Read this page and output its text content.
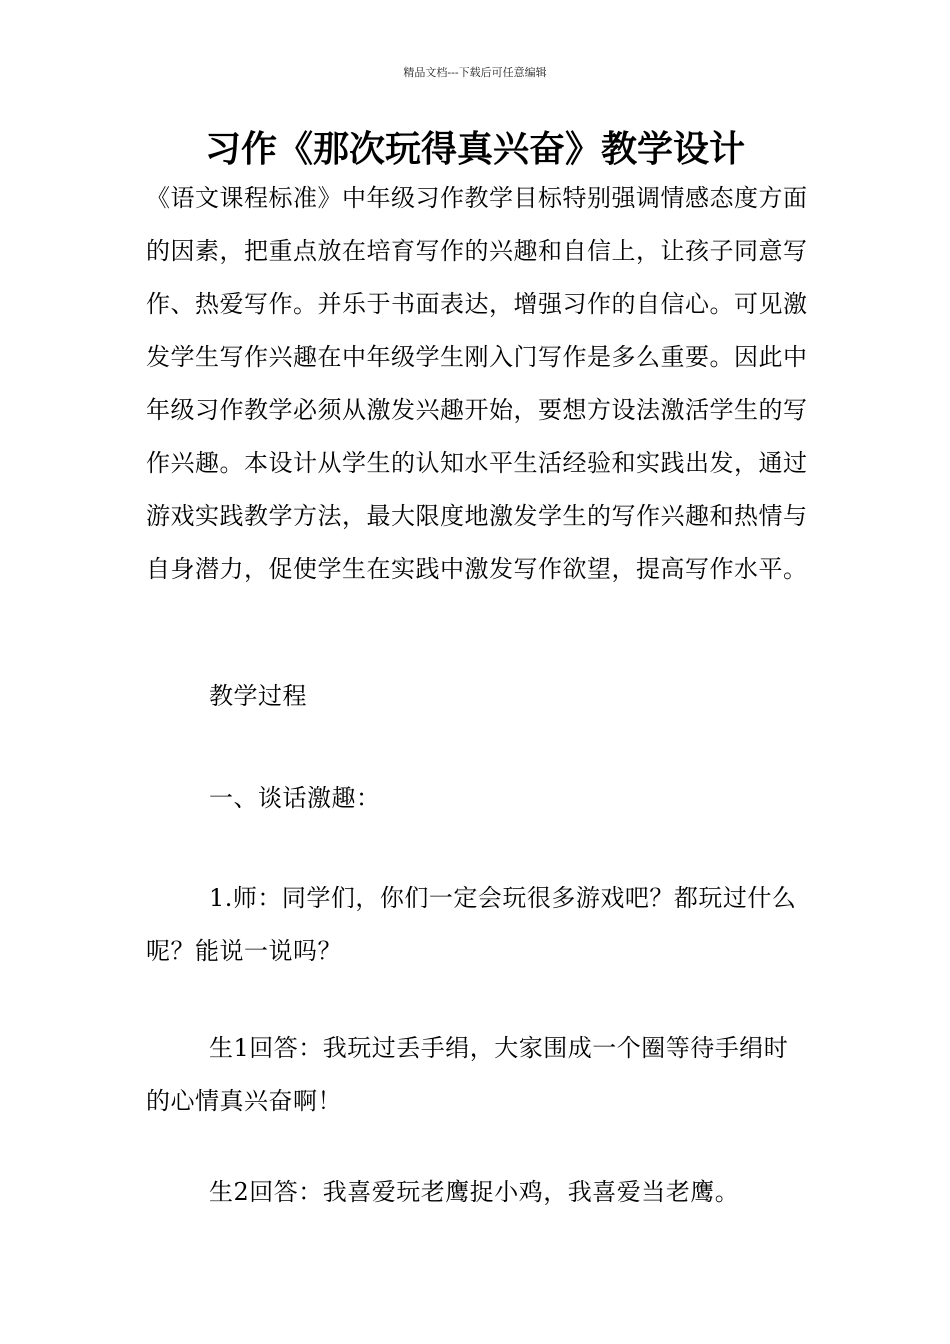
精品文档---下载后可任意编辑
习作《那次玩得真兴奋》教学设计

《语文课程标准》中年级习作教学目标特别强调情感态度方面的因素，把重点放在培育写作的兴趣和自信上，让孩子同意写作、热爱写作。并乐于书面表达，增强习作的自信心。可见激发学生写作兴趣在中年级学生刚入门写作是多么重要。因此中年级习作教学必须从激发兴趣开始，要想方设法激活学生的写作兴趣。本设计从学生的认知水平生活经验和实践出发，通过游戏实践教学方法，最大限度地激发学生的写作兴趣和热情与自身潜力，促使学生在实践中激发写作欲望，提高写作水平。

教学过程

一、谈话激趣：

1.师：同学们，你们一定会玩很多游戏吧？都玩过什么呢？能说一说吗？

生1回答：我玩过丢手绢，大家围成一个圈等待手绢时的心情真兴奋啊！

生2回答：我喜爱玩老鹰捉小鸡，我喜爱当老鹰。
